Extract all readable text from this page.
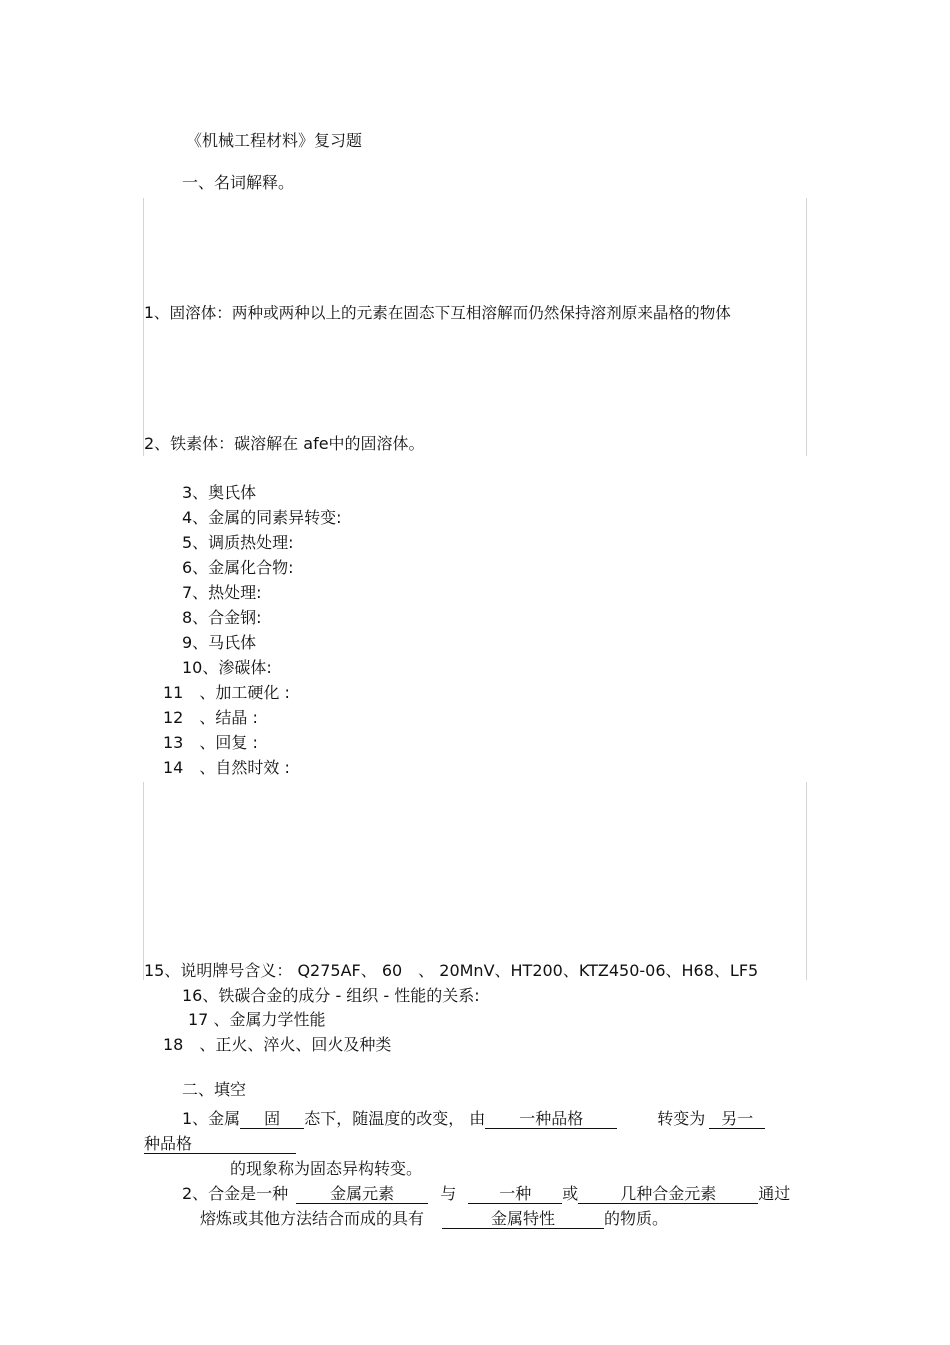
《机械工程材料》复习题
一、名词解释。
1、固溶体：两种或两种以上的元素在固态下互相溶解而仍然保持溶剂原来晶格的物体
2、铁素体：碳溶解在 afe中的固溶体。
3、奥氏体
4、金属的同素异转变:
5、调质热处理:
6、金属化合物:
7、热处理:
8、合金钢:
9、马氏体
10、渗碳体:
11　、加工硬化 :
12　、结晶 :
13　、回复 :
14　、自然时效 :
15、说明牌号含义： Q275AF、 60　、 20MnV、HT200、KTZ450-06、H68、LF5
16、铁碳合金的成分 - 组织 - 性能的关系:
17 、金属力学性能
18　、正火、淬火、回火及种类
二、填空
1、金属 固 态下，随温度的改变， 由 一种品格	转变为 另一
种品格
的现象称为固态异构转变。
2、合金是一种	金属元素	与	一种 或	几种合金元素	通过
熔炼或其他方法结合而成的具有	金属特性	的物质。
